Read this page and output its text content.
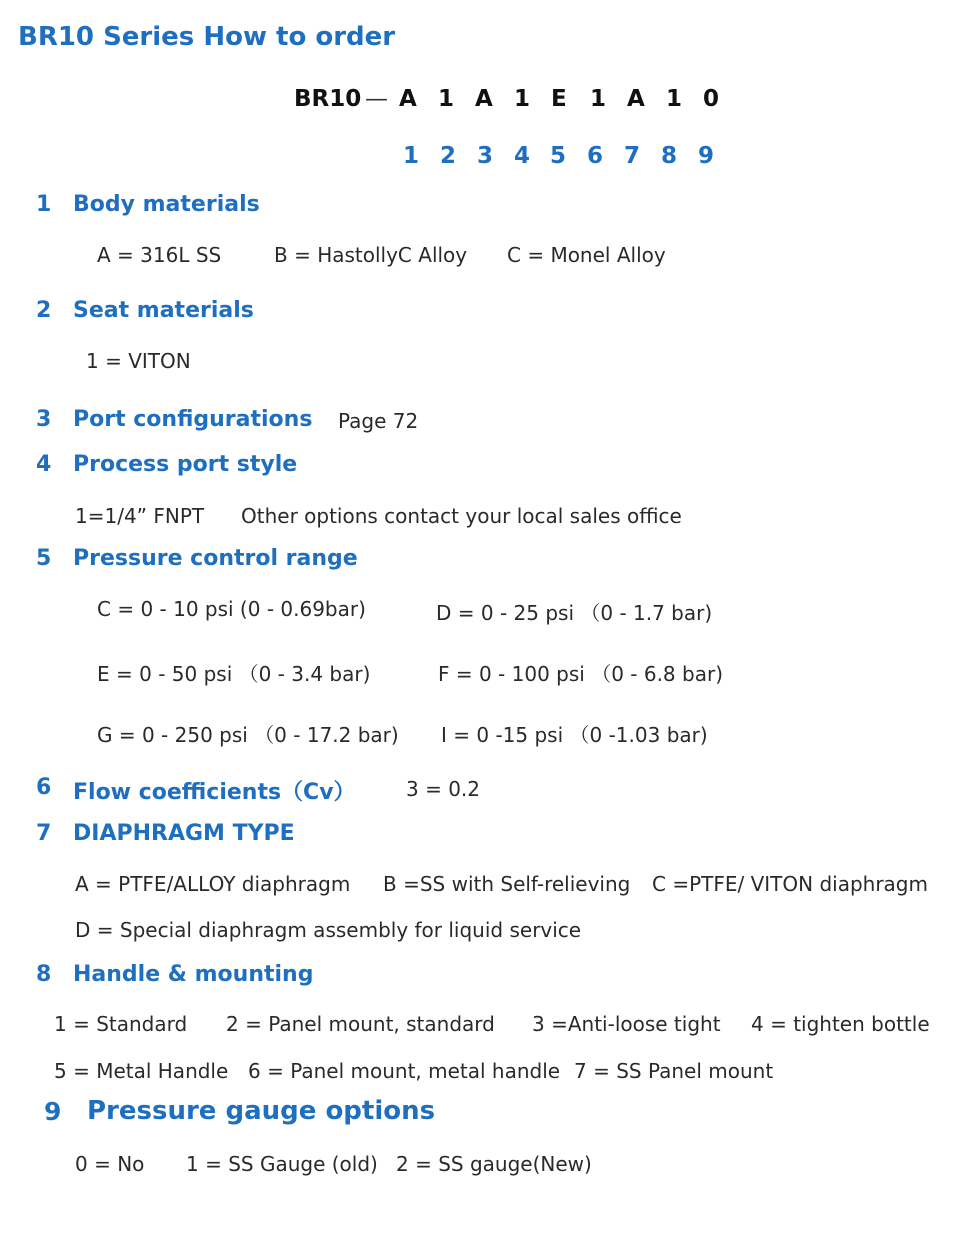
BR10 Series How to order
BR10 — A 1 A 1 E 1 A 1 0
1 2 3 4 5 6 7 8 9
1 Body materials
A = 316L SS	B = HastollyC Alloy C = Monel Alloy
2 Seat materials
1 = VITON
3 Port configurations Page 72
4 Process port style
1=1/4” FNPT Other options contact your local sales office
5 Pressure control range
C = 0 - 10 psi (0 - 0.69bar)	D = 0 - 25 psi （0 - 1.7 bar)
E = 0 - 50 psi （0 - 3.4 bar)	F = 0 - 100 psi （0 - 6.8 bar)
G = 0 - 250 psi （0 - 17.2 bar) I = 0 -15 psi （0 -1.03 bar)
6 Flow coefficients（Cv）	3 = 0.2
7 DIAPHRAGM TYPE
A = PTFE/ALLOY diaphragm B =SS with Self-relieving C =PTFE/ VITON diaphragm
D = Special diaphragm assembly for liquid service
8 Handle & mounting
1 = Standard 2 = Panel mount, standard 3 =Anti-loose tight 4 = tighten bottle
5 = Metal Handle 6 = Panel mount, metal handle 7 = SS Panel mount
9 Pressure gauge options
0 = No 1 = SS Gauge (old) 2 = SS gauge(New)
